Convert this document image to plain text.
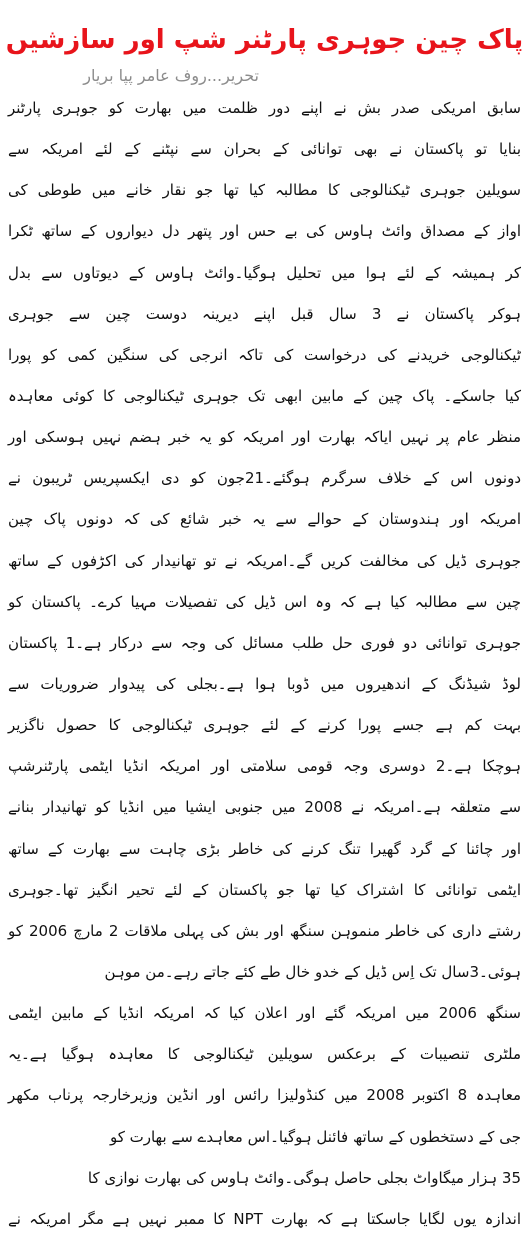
پاک چین جوہری پارٹنر شپ اور سازشیں
تحریر...روف عامر پپا بریار
سابق امریکی صدر بش نے اپنے دور ظلمت میں بھارت کو جوہری پارٹنر
بنایا تو پاکستان نے بھی توانائی کے بحران سے نپٹنے کے لئے امریکہ سے
سویلین جوہری ٹیکنالوجی کا مطالبہ کیا تھا جو نقار خانے میں طوطی کی
اواز کے مصداق وائٹ ہاوس کی بے حس اور پتھر دل دیواروں کے ساتھ ٹکرا
کر ہمیشہ کے لئے ہوا میں تحلیل ہوگیا۔وائٹ ہاوس کے دیوتاوں سے بدل
ہوکر پاکستان نے 3 سال قبل اپنے دیرینہ دوست چین سے جوہری
ٹیکنالوجی خریدنے کی درخواست کی تاکہ انرجی کی سنگین کمی کو پورا
کیا جاسکے۔ پاک چین کے مابین ابھی تک جوہری ٹیکنالوجی کا کوئی معاہدہ
منظر عام پر نہیں ایاکہ بھارت اور امریکہ کو یہ خبر ہضم نہیں ہوسکی اور
دونوں اس کے خلاف سرگرم ہوگئے۔21جون کو دی ایکسپریس ٹریبون نے
امریکہ اور ہندوستان کے حوالے سے یہ خبر شائع کی کہ دونوں پاک چین
جوہری ڈیل کی مخالفت کریں گے۔امریکہ نے تو تھانیدار کی اکڑفوں کے ساتھ
چین سے مطالبہ کیا ہے کہ وہ اس ڈیل کی تفصیلات مہیا کرے۔ پاکستان کو
جوہری توانائی دو فوری حل طلب مسائل کی وجہ سے درکار ہے۔1 پاکستان
لوڈ شیڈنگ کے اندھیروں میں ڈوبا ہوا ہے۔بجلی کی پیدوار ضروریات سے
بہت کم ہے جسے پورا کرنے کے لئے جوہری ٹیکنالوجی کا حصول ناگزیر
ہوچکا ہے۔2 دوسری وجہ قومی سلامتی اور امریکہ انڈیا ایٹمی پارٹنرشپ
سے متعلقہ ہے۔امریکہ نے 2008 میں جنوبی ایشیا میں انڈیا کو تھانیدار بنانے
اور چائنا کے گرد گھیرا تنگ کرنے کی خاطر بڑی چاہت سے بھارت کے ساتھ
ایٹمی توانائی کا اشتراک کیا تھا جو پاکستان کے لئے تحیر انگیز تھا۔جوہری
رشتے داری کی خاطر منموہن سنگھ اور بش کی پہلی ملاقات 2 مارچ 2006 کو
ہوئی۔3سال تک اِس ڈیل کے خدو خال طے کئے جاتے رہے۔من موہن
سنگھ 2006 میں امریکہ گئے اور اعلان کیا کہ امریکہ انڈیا کے مابین ایٹمی
ملٹری تنصیبات کے برعکس سویلین ٹیکنالوجی کا معاہدہ ہوگیا ہے۔یہ
معاہدہ 8 اکتوبر 2008 میں کنڈولیزا رائس اور انڈین وزیرخارجہ پرناب مکھر
جی کے دستخطوں کے ساتھ فائنل ہوگیا۔اس معاہدے سے بھارت کو
35 ہزار میگاواٹ بجلی حاصل ہوگی۔وائٹ ہاوس کی بھارت نوازی کا
اندازہ یوں لگایا جاسکتا ہے کہ بھارت NPT کا ممبر نہیں ہے مگر امریکہ نے
